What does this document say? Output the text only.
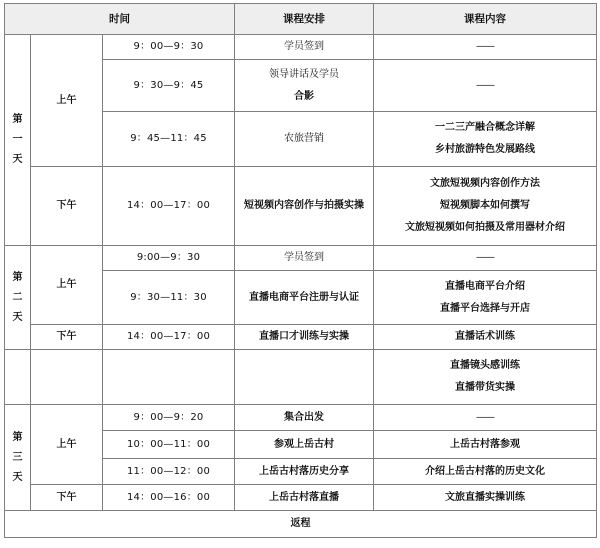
时间			课程安排	课程内容

第
一
天	上午	9：00—9：30	学员签到	——
		9：30—9：45	领导讲话及学员
合影	——
		9：45—11：45	农旅营销	一二三产融合概念详解
乡村旅游特色发展路线

	下午	14：00—17：00	短视频内容创作与拍摄实操	文旅短视频内容创作方法
短视频脚本如何撰写
文旅短视频如何拍摄及常用器材介绍

第
二
天	上午	9:00—9：30	学员签到	——
		9：30—11：30	直播电商平台注册与认证	直播电商平台介绍
直播平台选择与开店

	下午	14：00—17：00	直播口才训练与实操	直播话术训练

				直播镜头感训练
直播带货实操

第
三
天	上午	9：00—9：20	集合出发	——
		10：00—11：00	参观上岳古村	上岳古村落参观
		11：00—12：00	上岳古村落历史分享	介绍上岳古村落的历史文化
	下午	14：00—16：00	上岳古村落直播	文旅直播实操训练
返程				
